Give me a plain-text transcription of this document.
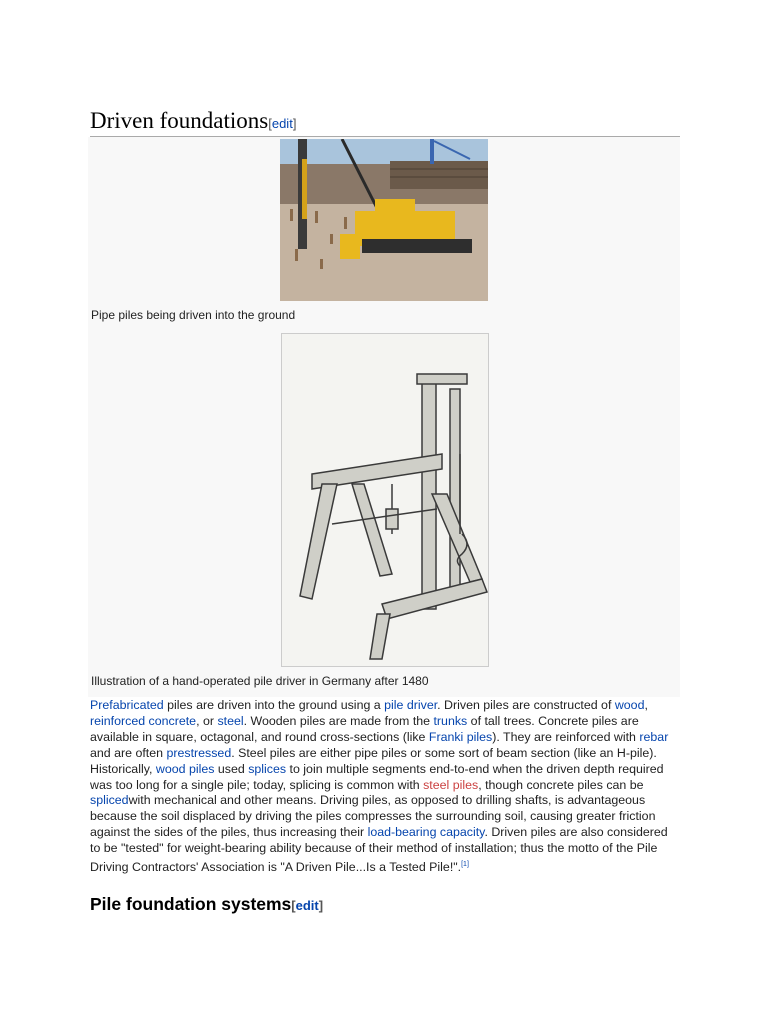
Driven foundations[edit]
Pipe piles being driven into the ground
Illustration of a hand-operated pile driver in Germany after 1480
Prefabricated piles are driven into the ground using a pile driver. Driven piles are constructed of wood, reinforced concrete, or steel. Wooden piles are made from the trunks of tall trees. Concrete piles are available in square, octagonal, and round cross-sections (like Franki piles). They are reinforced with rebar and are often prestressed. Steel piles are either pipe piles or some sort of beam section (like an H-pile). Historically, wood piles used splices to join multiple segments end-to-end when the driven depth required was too long for a single pile; today, splicing is common with steel piles, though concrete piles can be splicedwith mechanical and other means. Driving piles, as opposed to drilling shafts, is advantageous because the soil displaced by driving the piles compresses the surrounding soil, causing greater friction against the sides of the piles, thus increasing their load-bearing capacity. Driven piles are also considered to be "tested" for weight-bearing ability because of their method of installation; thus the motto of the Pile Driving Contractors' Association is "A Driven Pile...Is a Tested Pile!".[1]
Pile foundation systems[edit]
